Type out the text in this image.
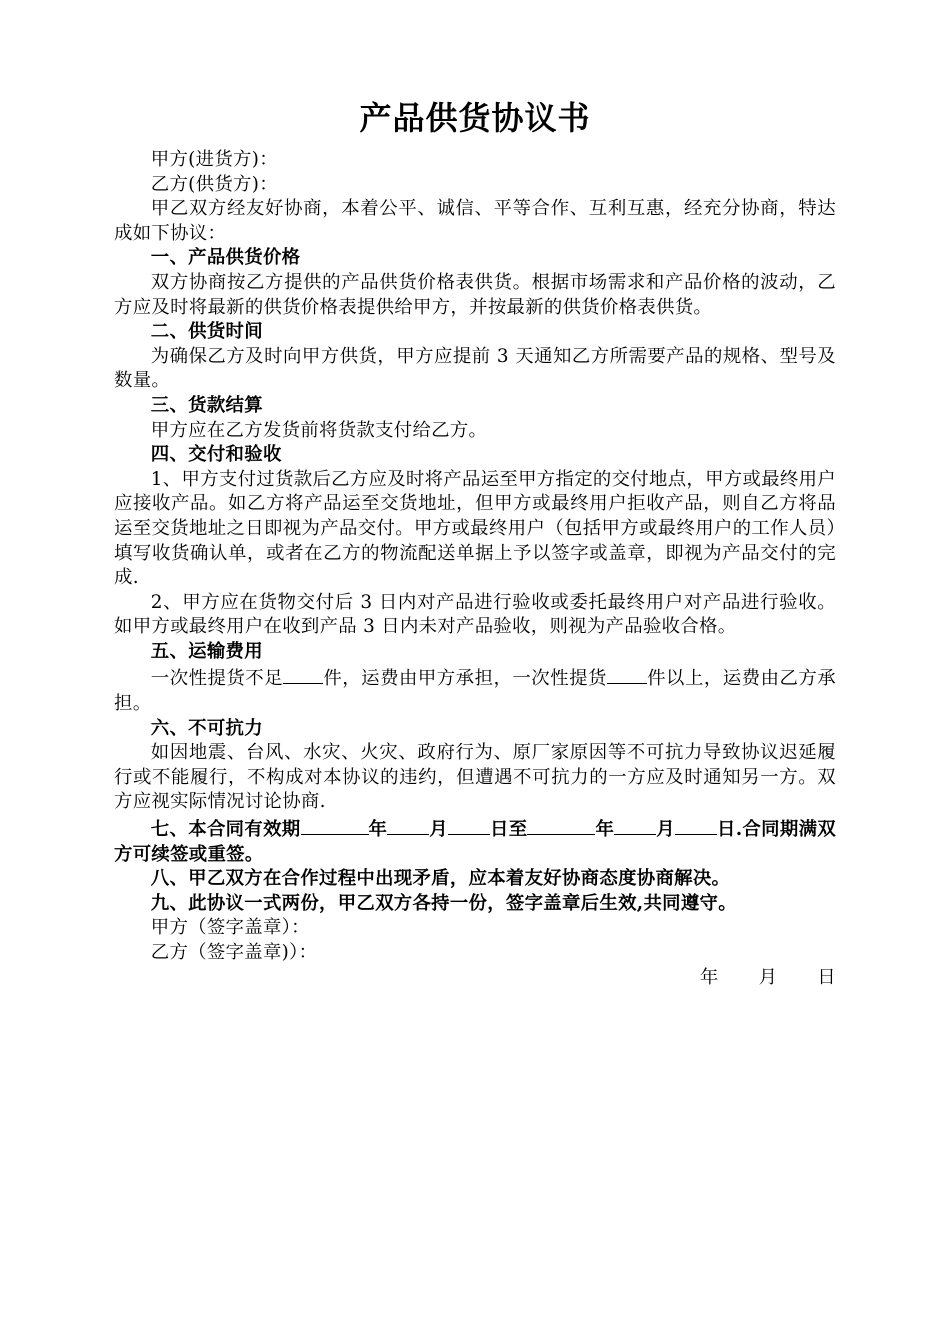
产品供货协议书

甲方(进货方)：

乙方(供货方)：

甲乙双方经友好协商，本着公平、诚信、平等合作、互利互惠，经充分协商，特达成如下协议：

一、产品供货价格

双方协商按乙方提供的产品供货价格表供货。根据市场需求和产品价格的波动，乙方应及时将最新的供货价格表提供给甲方，并按最新的供货价格表供货。

二、供货时间

为确保乙方及时向甲方供货，甲方应提前 3 天通知乙方所需要产品的规格、型号及数量。

三、货款结算

甲方应在乙方发货前将货款支付给乙方。

四、交付和验收

1、甲方支付过货款后乙方应及时将产品运至甲方指定的交付地点，甲方或最终用户应接收产品。如乙方将产品运至交货地址，但甲方或最终用户拒收产品，则自乙方将品运至交货地址之日即视为产品交付。甲方或最终用户（包括甲方或最终用户的工作人员）填写收货确认单，或者在乙方的物流配送单据上予以签字或盖章，即视为产品交付的完成.

2、甲方应在货物交付后 3 日内对产品进行验收或委托最终用户对产品进行验收。如甲方或最终用户在收到产品 3 日内未对产品验收，则视为产品验收合格。

五、运输费用

一次性提货不足 件，运费由甲方承担，一次性提货 件以上，运费由乙方承担。

六、不可抗力

如因地震、台风、水灾、火灾、政府行为、原厂家原因等不可抗力导致协议迟延履行或不能履行，不构成对本协议的违约，但遭遇不可抗力的一方应及时通知另一方。双方应视实际情况讨论协商.

七、本合同有效期	年 月 日至	年 月 日.合同期满双方可续签或重签。

八、甲乙双方在合作过程中出现矛盾，应本着友好协商态度协商解决。

九、此协议一式两份，甲乙双方各持一份，签字盖章后生效,共同遵守。

甲方（签字盖章）：

乙方（签字盖章)）：

年 月 日
